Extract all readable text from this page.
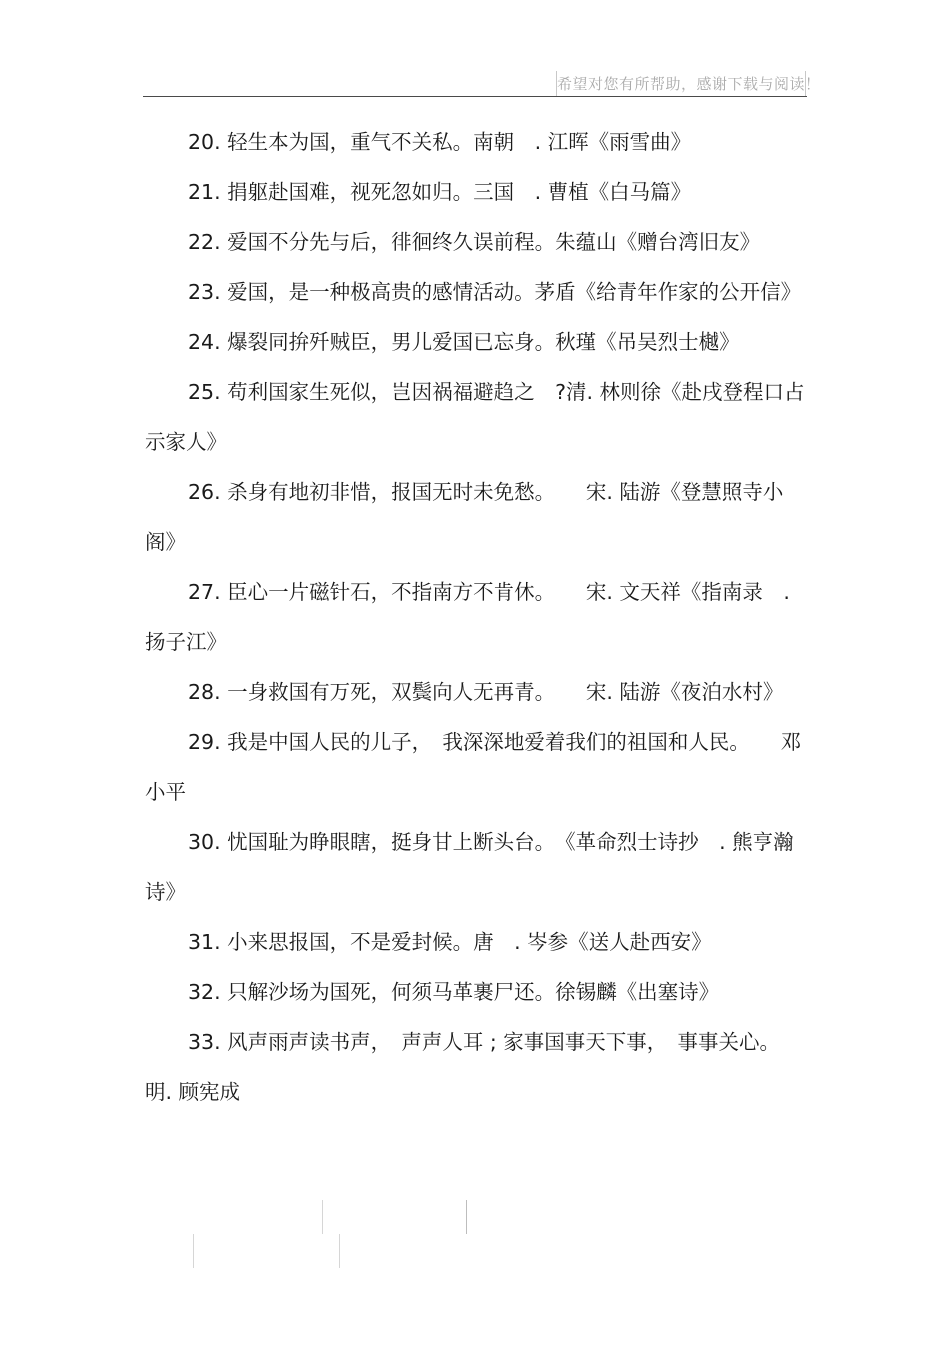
希望对您有所帮助，感谢下载与阅读！

20. 轻生本为国，重气不关私。南朝　. 江晖《雨雪曲》

21. 捐躯赴国难，视死忽如归。三国　. 曹植《白马篇》

22. 爱国不分先与后，徘徊终久误前程。朱蕴山《赠台湾旧友》

23. 爱国，是一种极高贵的感情活动。茅盾《给青年作家的公开信》

24. 爆裂同拚歼贼臣，男儿爱国已忘身。秋瑾《吊吴烈士樾》

25. 苟利国家生死似，岂因祸福避趋之　?清. 林则徐《赴戌登程口占示家人》

26. 杀身有地初非惜，报国无时未免愁。　　宋. 陆游《登慧照寺小阁》

27. 臣心一片磁针石，不指南方不肯休。　　宋. 文天祥《指南录　. 扬子江》

28. 一身救国有万死，双鬓向人无再青。　　宋. 陆游《夜泊水村》

29. 我是中国人民的儿子，　我深深地爱着我们的祖国和人民。　　邓小平

30. 忧国耻为睁眼瞎，挺身甘上断头台。　《革命烈士诗抄　. 熊亨瀚诗》

31. 小来思报国，不是爱封候。唐　. 岑参《送人赴西安》

32. 只解沙场为国死，何须马革裹尸还。徐锡麟《出塞诗》

33. 风声雨声读书声，　声声人耳 ; 家事国事天下事，　事事关心。明. 顾宪成
